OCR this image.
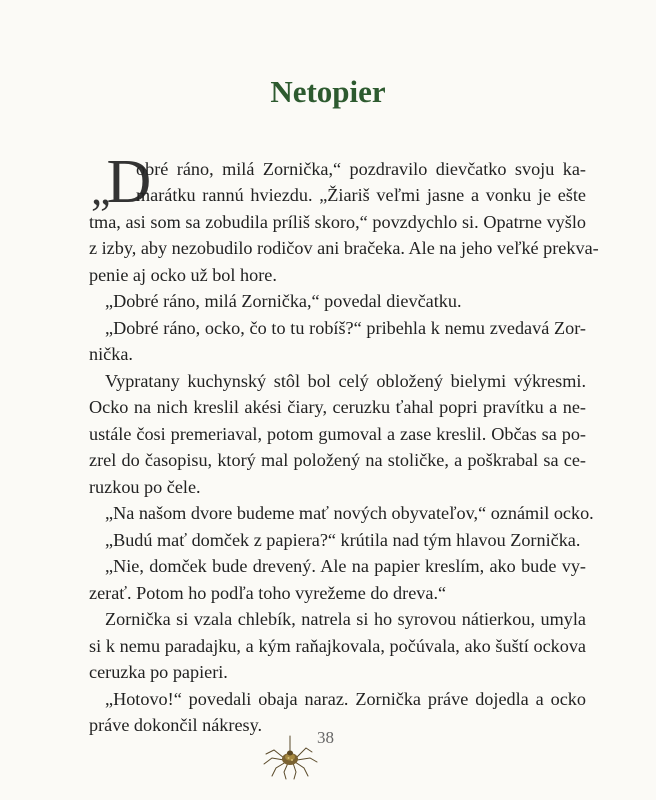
Netopier
„D
obré ráno, milá Zornička,“ pozdravilo dievčatko svoju ka-
marátku rannú hviezdu. „Žiariš veľmi jasne a vonku je ešte
tma, asi som sa zobudila príliš skoro,“ povzdychlo si. Opatrne vyšlo
z izby, aby nezobudilo rodičov ani bračeka. Ale na jeho veľké prekva-
penie aj ocko už bol hore.
„Dobré ráno, milá Zornička,“ povedal dievčatku.
„Dobré ráno, ocko, čo to tu robíš?“ pribehla k nemu zvedavá Zor-
nička.
Vypratany kuchynský stôl bol celý obložený bielymi výkresmi.
Ocko na nich kreslil akési čiary, ceruzku ťahal popri pravítku a ne-
ustále čosi premeriaval, potom gumoval a zase kreslil. Občas sa po-
zrel do časopisu, ktorý mal položený na stoličke, a poškrabal sa ce-
ruzkou po čele.
„Na našom dvore budeme mať nových obyvateľov,“ oznámil ocko.
„Budú mať domček z papiera?“ krútila nad tým hlavou Zornička.
„Nie, domček bude drevený. Ale na papier kreslím, ako bude vy-
zerať. Potom ho podľa toho vyrežeme do dreva.“
Zornička si vzala chlebík, natrela si ho syrovou nátierkou, umyla
si k nemu paradajku, a kým raňajkovala, počúvala, ako šuští ockova
ceruzka po papieri.
„Hotovo!“ povedali obaja naraz. Zornička práve dojedla a ocko
práve dokončil nákresy.
38
